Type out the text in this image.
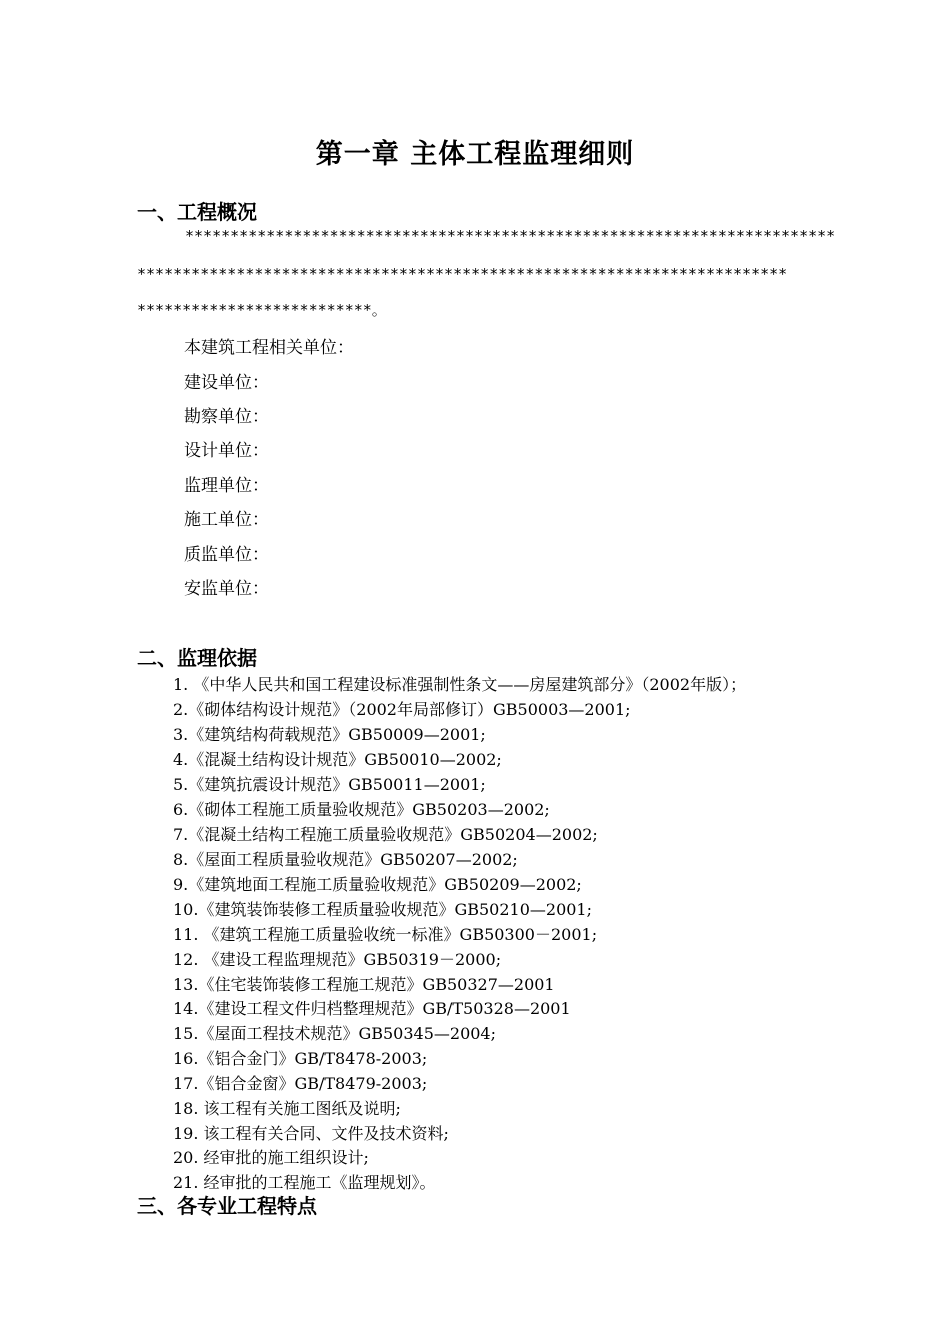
第一章 主体工程监理细则
一、工程概况
************************************************************************
************************************************************************
**************************。
本建筑工程相关单位：
建设单位：
勘察单位：
设计单位：
监理单位：
施工单位：
质监单位：
安监单位：
二、监理依据
1. 《中华人民共和国工程建设标准强制性条文——房屋建筑部分》（2002年版）；
2.《砌体结构设计规范》（2002年局部修订）GB50003—2001;
3.《建筑结构荷载规范》GB50009—2001;
4.《混凝土结构设计规范》GB50010—2002;
5.《建筑抗震设计规范》GB50011—2001;
6.《砌体工程施工质量验收规范》GB50203—2002;
7.《混凝土结构工程施工质量验收规范》GB50204—2002;
8.《屋面工程质量验收规范》GB50207—2002;
9.《建筑地面工程施工质量验收规范》GB50209—2002;
10.《建筑装饰装修工程质量验收规范》GB50210—2001;
11. 《建筑工程施工质量验收统一标准》GB50300－2001;
12. 《建设工程监理规范》GB50319－2000;
13.《住宅装饰装修工程施工规范》GB50327—2001
14.《建设工程文件归档整理规范》GB/T50328—2001
15.《屋面工程技术规范》GB50345—2004;
16.《铝合金门》GB/T8478-2003;
17.《铝合金窗》GB/T8479-2003;
18. 该工程有关施工图纸及说明;
19. 该工程有关合同、文件及技术资料;
20. 经审批的施工组织设计;
21. 经审批的工程施工《监理规划》。
三、各专业工程特点
